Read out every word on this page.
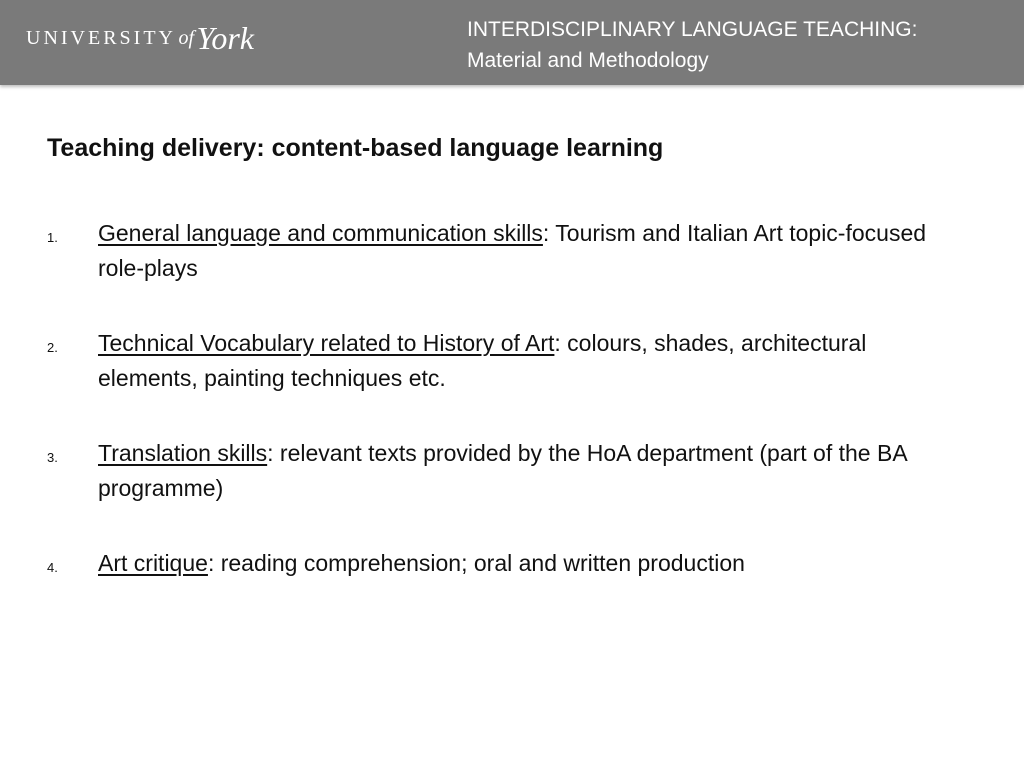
UNIVERSITY of York	INTERDISCIPLINARY LANGUAGE TEACHING:
Material and Methodology
Teaching delivery: content-based language learning
1. General language and communication skills: Tourism and Italian Art topic-focused role-plays
2. Technical Vocabulary related to History of Art: colours, shades, architectural elements, painting techniques etc.
3. Translation skills: relevant texts provided by the HoA department (part of the BA programme)
4. Art critique: reading comprehension; oral and written production
